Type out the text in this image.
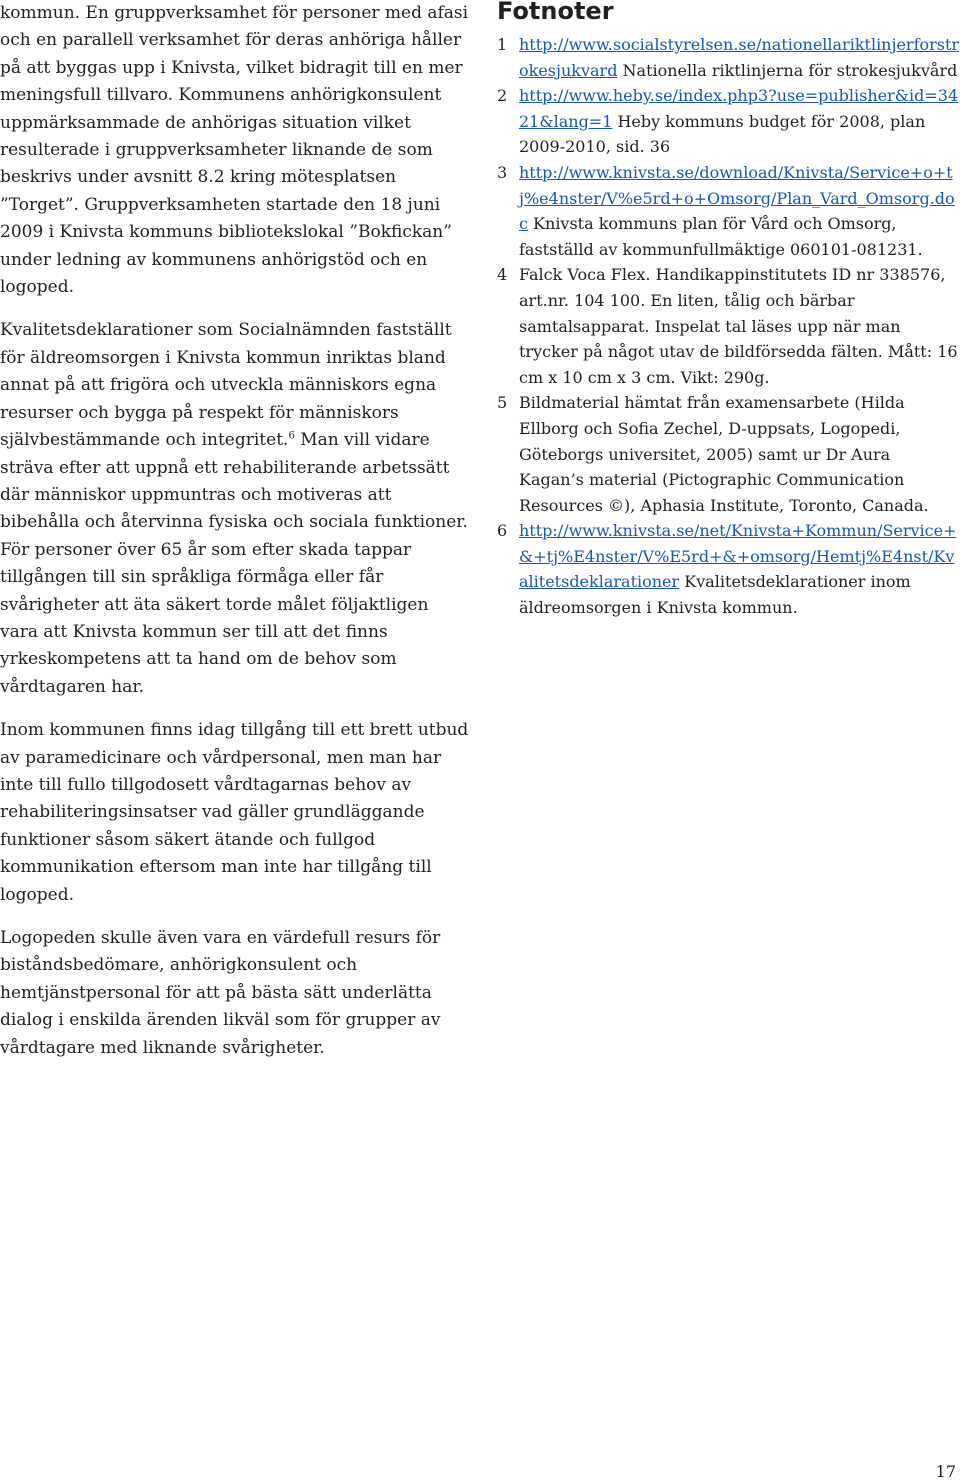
kommun. En gruppverksamhet för personer med afasi och en parallell verksamhet för deras anhöriga håller på att byggas upp i Knivsta, vilket bidragit till en mer meningsfull tillvaro. Kommunens anhörigkonsulent uppmärksammade de anhörigas situation vilket resulterade i gruppverksamheter liknande de som beskrivs under avsnitt 8.2 kring mötesplatsen ”Torget”. Gruppverksamheten startade den 18 juni 2009 i Knivsta kommuns bibliotekslokal ”Bokfickan” under ledning av kommunens anhörigstöd och en logoped.

Kvalitetsdeklarationer som Socialnämnden fastställt för äldreomsorgen i Knivsta kommun inriktas bland annat på att frigöra och utveckla människors egna resurser och bygga på respekt för människors självbestämmande och integritet.$^6$ Man vill vidare sträva efter att uppnå ett rehabiliterande arbetssätt där människor uppmuntras och motiveras att bibehålla och återvinna fysiska och sociala funktioner. För personer över 65 år som efter skada tappar tillgången till sin språkliga förmåga eller får svårigheter att äta säkert torde målet följaktligen vara att Knivsta kommun ser till att det finns yrkeskompetens att ta hand om de behov som vårdtagaren har.

Inom kommunen finns idag tillgång till ett brett utbud av paramedicinare och vårdpersonal, men man har inte till fullo tillgodosett vårdtagarnas behov av rehabiliteringsinsatser vad gäller grundläggande funktioner såsom säkert ätande och fullgod kommunikation eftersom man inte har tillgång till logoped.

Logopeden skulle även vara en värdefull resurs för biståndsbedömare, anhörigkonsulent och hemtjänstpersonal för att på bästa sätt underlätta dialog i enskilda ärenden likväl som för grupper av vårdtagare med liknande svårigheter.

Fotnoter
1 http://www.socialstyrelsen.se/nationellariktlinjerforstrokesjukvard Nationella riktlinjerna för strokesjukvård
2 http://www.heby.se/index.php3?use=publisher&id=3421&lang=1 Heby kommuns budget för 2008, plan 2009-2010, sid. 36
3 http://www.knivsta.se/download/Knivsta/Service+o+tj%e4nster/V%e5rd+o+Omsorg/Plan_Vard_Omsorg.doc Knivsta kommuns plan för Vård och Omsorg, fastställd av kommunfullmäktige 060101-081231.
4 Falck Voca Flex. Handikappinstitutets ID nr 338576, art.nr. 104 100. En liten, tålig och bärbar samtalsapparat. Inspelat tal läses upp när man trycker på något utav de bildförsedda fälten. Mått: 16 cm x 10 cm x 3 cm. Vikt: 290g.
5 Bildmaterial hämtat från examensarbete (Hilda Ellborg och Sofia Zechel, D-uppsats, Logopedi, Göteborgs universitet, 2005) samt ur Dr Aura Kagan’s material (Pictographic Communication Resources ©), Aphasia Institute, Toronto, Canada.
6 http://www.knivsta.se/net/Knivsta+Kommun/Service+&+tj%E4nster/V%E5rd+&+omsorg/Hemtj%E4nst/Kvalitetsdeklarationer Kvalitetsdeklarationer inom äldreomsorgen i Knivsta kommun.
17
